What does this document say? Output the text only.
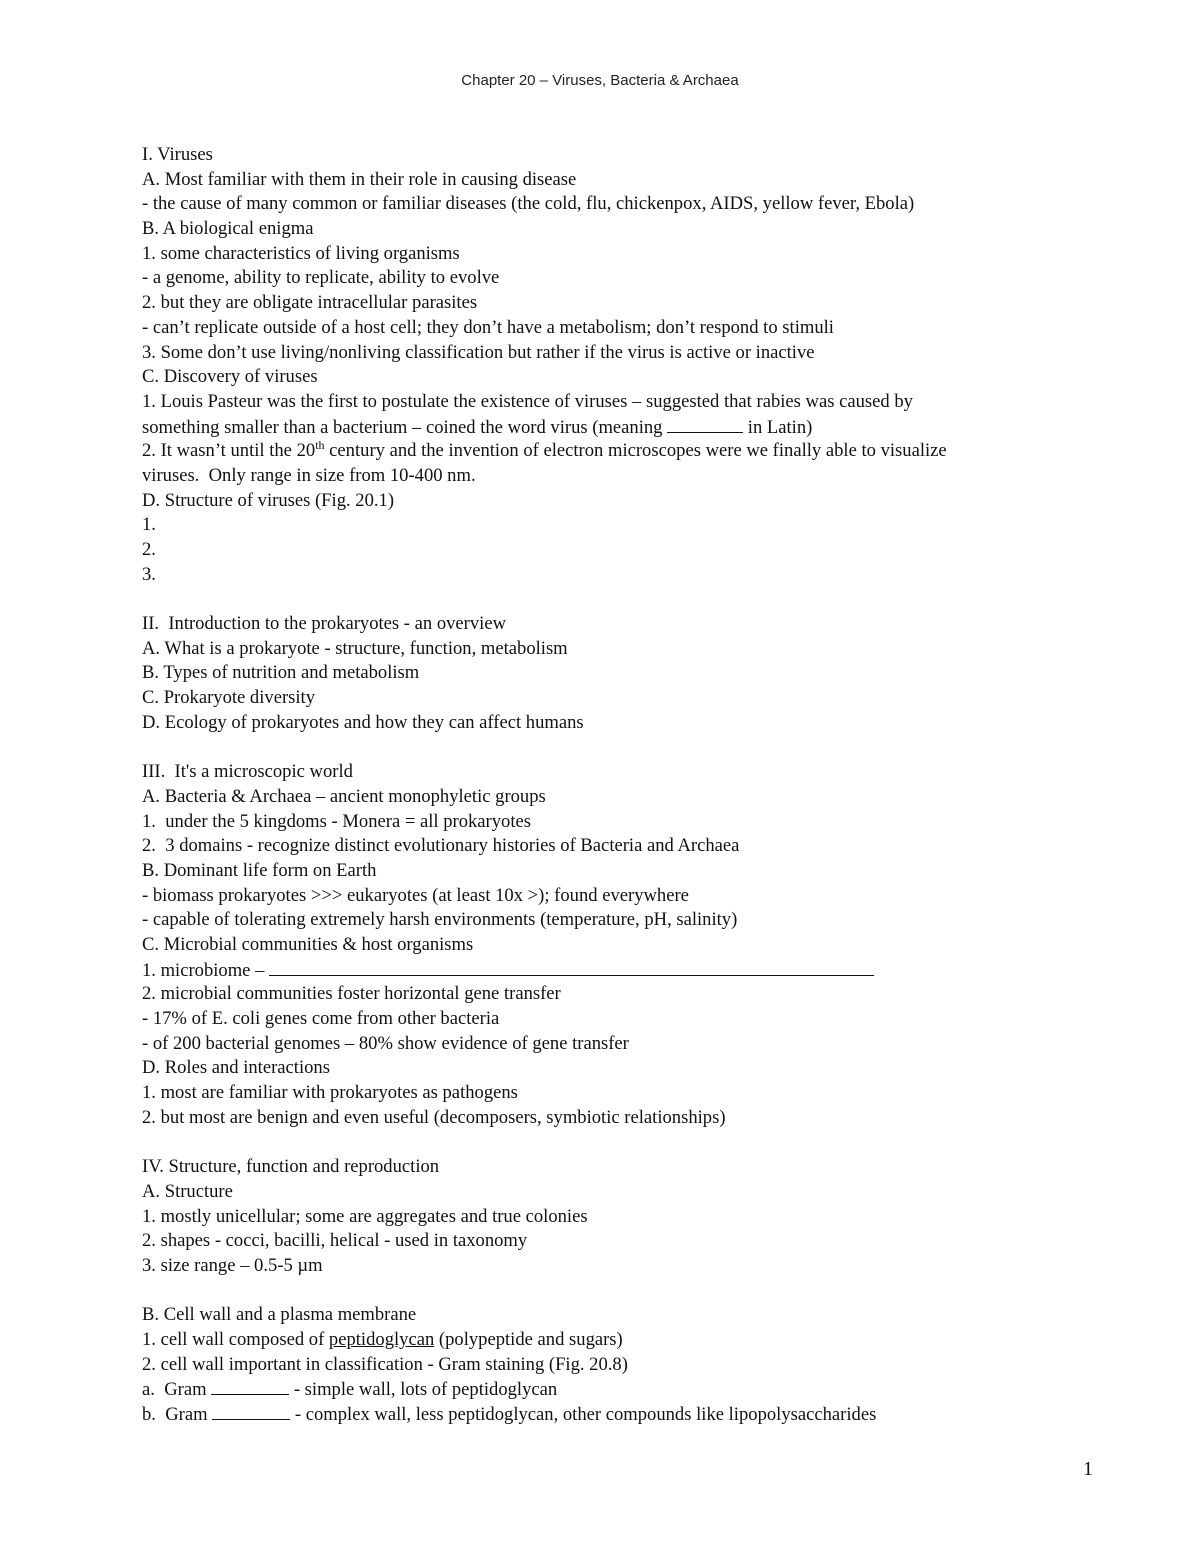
Chapter 20 – Viruses, Bacteria & Archaea
I. Viruses
A. Most familiar with them in their role in causing disease
- the cause of many common or familiar diseases (the cold, flu, chickenpox, AIDS, yellow fever, Ebola)
B. A biological enigma
1. some characteristics of living organisms
- a genome, ability to replicate, ability to evolve
2. but they are obligate intracellular parasites
- can’t replicate outside of a host cell; they don’t have a metabolism; don’t respond to stimuli
3. Some don’t use living/nonliving classification but rather if the virus is active or inactive
C. Discovery of viruses
1. Louis Pasteur was the first to postulate the existence of viruses – suggested that rabies was caused by
something smaller than a bacterium – coined the word virus (meaning	in Latin)
2. It wasn’t until the 20th century and the invention of electron microscopes were we finally able to visualize
viruses.  Only range in size from 10-400 nm.
D. Structure of viruses (Fig. 20.1)
1.
2.
3.
II.  Introduction to the prokaryotes - an overview
A. What is a prokaryote - structure, function, metabolism
B. Types of nutrition and metabolism
C. Prokaryote diversity
D. Ecology of prokaryotes and how they can affect humans
III.  It's a microscopic world
A. Bacteria & Archaea – ancient monophyletic groups
1.  under the 5 kingdoms - Monera = all prokaryotes
2.  3 domains - recognize distinct evolutionary histories of Bacteria and Archaea
B. Dominant life form on Earth
- biomass prokaryotes >>> eukaryotes (at least 10x >); found everywhere
- capable of tolerating extremely harsh environments (temperature, pH, salinity)
C. Microbial communities & host organisms
1. microbiome –
2. microbial communities foster horizontal gene transfer
- 17% of E. coli genes come from other bacteria
- of 200 bacterial genomes – 80% show evidence of gene transfer
D. Roles and interactions
1. most are familiar with prokaryotes as pathogens
2. but most are benign and even useful (decomposers, symbiotic relationships)
IV. Structure, function and reproduction
A. Structure
1. mostly unicellular; some are aggregates and true colonies
2. shapes - cocci, bacilli, helical - used in taxonomy
3. size range – 0.5-5 µm
B. Cell wall and a plasma membrane
1. cell wall composed of peptidoglycan (polypeptide and sugars)
2. cell wall important in classification - Gram staining (Fig. 20.8)
a.  Gram	- simple wall, lots of peptidoglycan
b.  Gram	- complex wall, less peptidoglycan, other compounds like lipopolysaccharides
1
